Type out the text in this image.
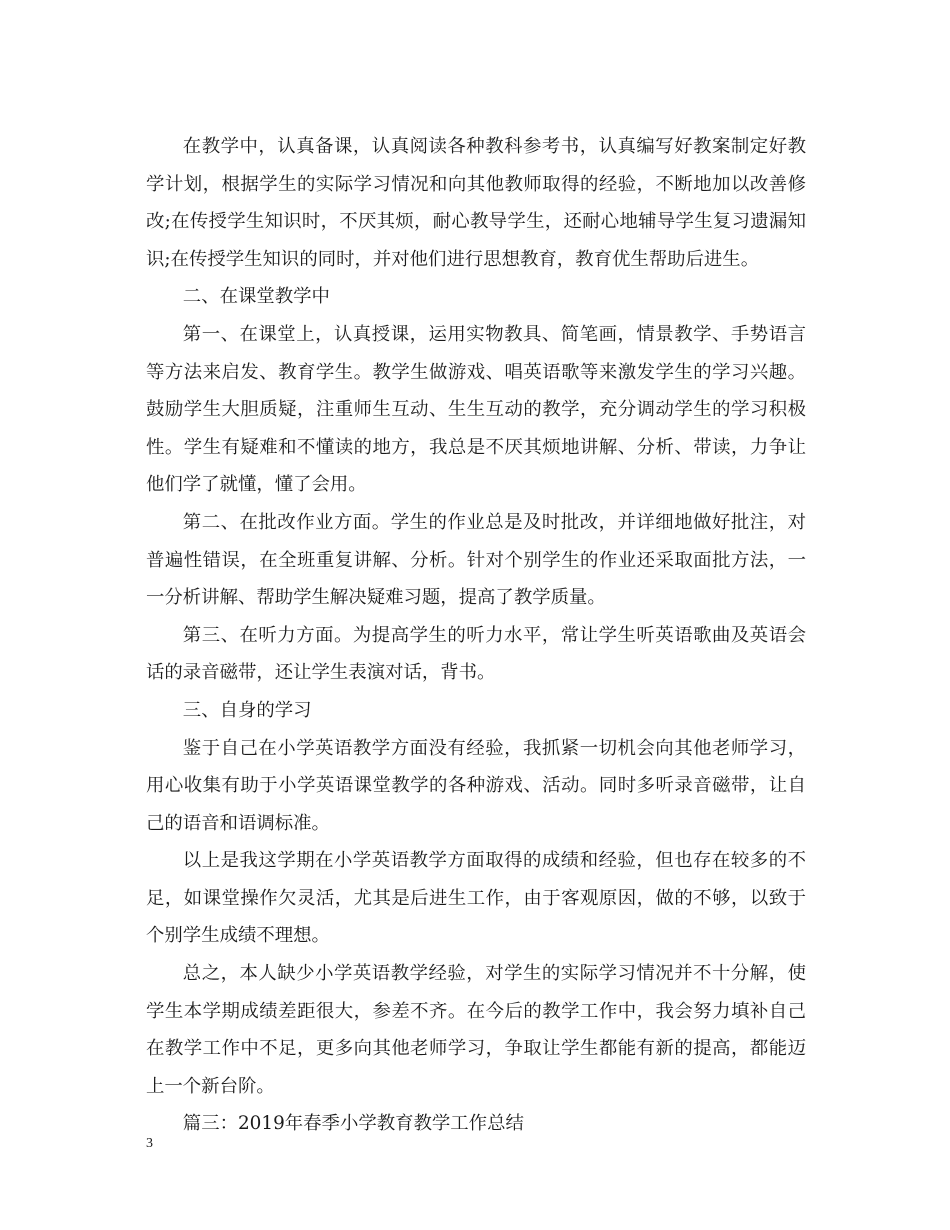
在教学中，认真备课，认真阅读各种教科参考书，认真编写好教案制定好教学计划，根据学生的实际学习情况和向其他教师取得的经验，不断地加以改善修改;在传授学生知识时，不厌其烦，耐心教导学生，还耐心地辅导学生复习遗漏知识;在传授学生知识的同时，并对他们进行思想教育，教育优生帮助后进生。

二、在课堂教学中

第一、在课堂上，认真授课，运用实物教具、简笔画，情景教学、手势语言等方法来启发、教育学生。教学生做游戏、唱英语歌等来激发学生的学习兴趣。鼓励学生大胆质疑，注重师生互动、生生互动的教学，充分调动学生的学习积极性。学生有疑难和不懂读的地方，我总是不厌其烦地讲解、分析、带读，力争让他们学了就懂，懂了会用。

第二、在批改作业方面。学生的作业总是及时批改，并详细地做好批注，对普遍性错误，在全班重复讲解、分析。针对个别学生的作业还采取面批方法，一一分析讲解、帮助学生解决疑难习题，提高了教学质量。

第三、在听力方面。为提高学生的听力水平，常让学生听英语歌曲及英语会话的录音磁带，还让学生表演对话，背书。

三、自身的学习

鉴于自己在小学英语教学方面没有经验，我抓紧一切机会向其他老师学习，用心收集有助于小学英语课堂教学的各种游戏、活动。同时多听录音磁带，让自己的语音和语调标准。

以上是我这学期在小学英语教学方面取得的成绩和经验，但也存在较多的不足，如课堂操作欠灵活，尤其是后进生工作，由于客观原因，做的不够，以致于个别学生成绩不理想。

总之，本人缺少小学英语教学经验，对学生的实际学习情况并不十分解，使学生本学期成绩差距很大，参差不齐。在今后的教学工作中，我会努力填补自己在教学工作中不足，更多向其他老师学习，争取让学生都能有新的提高，都能迈上一个新台阶。

篇三：2019年春季小学教育教学工作总结

3
